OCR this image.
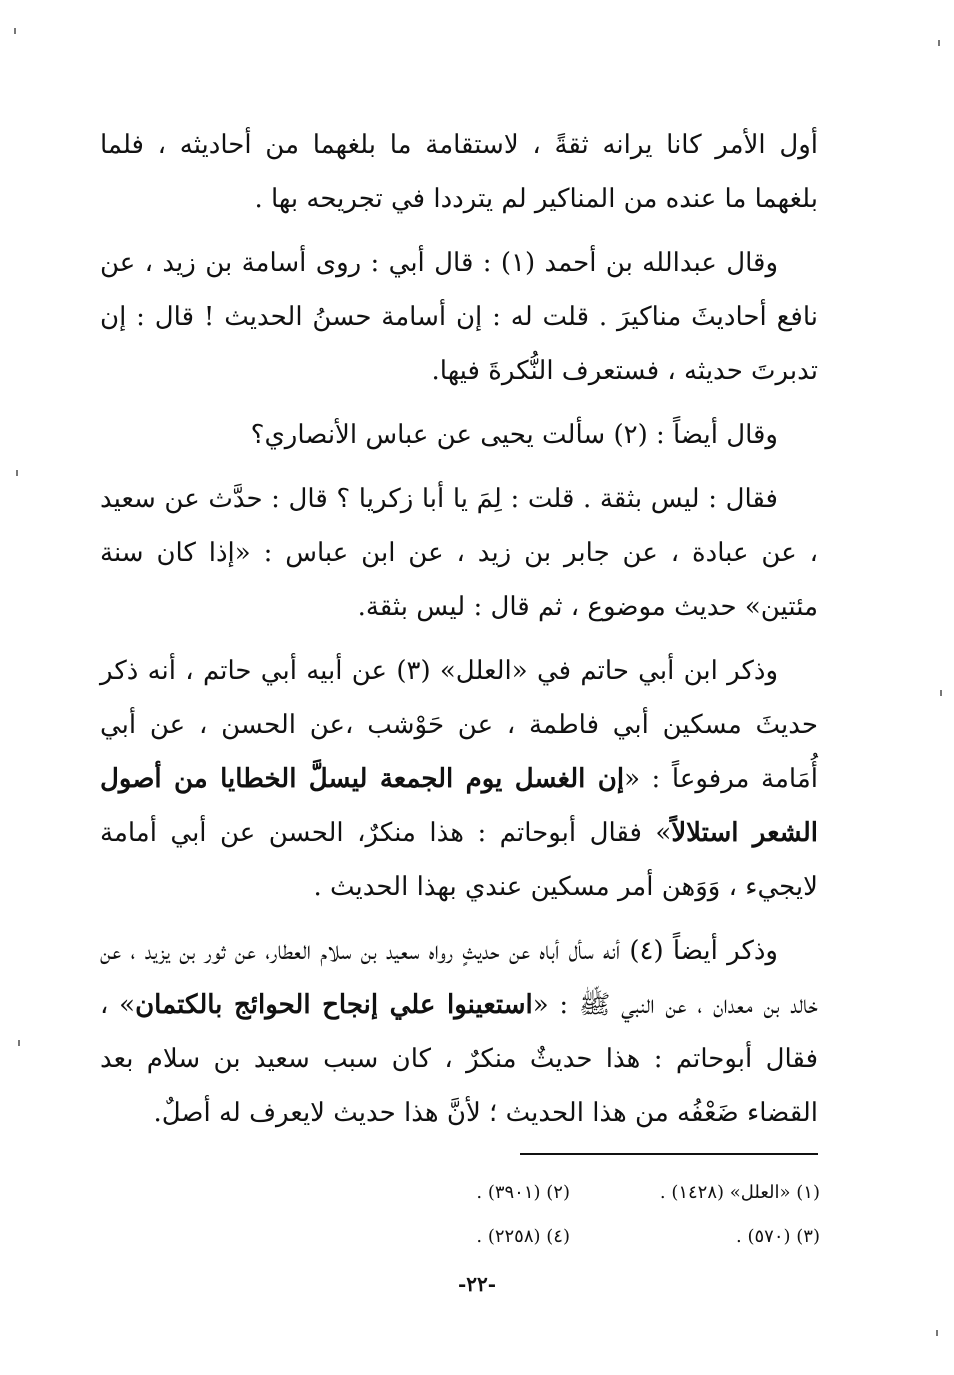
أول الأمر كانا يرانه ثقةً ، لاستقامة ما بلغهما من أحاديثه ، فلما بلغهما ما عنده من المناكير لم يترددا في تجريحه بها .

وقال عبدالله بن أحمد (١) : قال أبي : روى أسامة بن زيد ، عن نافع أحاديثَ مناكيرَ . قلت له : إن أسامة حسنُ الحديث ! قال : إن تدبرتَ حديثه ، فستعرف النُّكرةَ فيها.

وقال أيضاً : (٢) سألت يحيى عن عباس الأنصاري؟

فقال : ليس بثقة . قلت : لِمَ يا أبا زكريا ؟ قال : حدَّث عن سعيد ، عن عبادة ، عن جابر بن زيد ، عن ابن عباس : «إذا كان سنة مئتين» حديث موضوع ، ثم قال : ليس بثقة.

وذكر ابن أبي حاتم في «العلل» (٣) عن أبيه أبي حاتم ، أنه ذكر حديثَ مسكين أبي فاطمة ، عن حَوْشب ،عن الحسن ، عن أبي أُمَامة مرفوعاً : «إن الغسل يوم الجمعة ليسلَّ الخطايا من أصول الشعر استلالاً» فقال أبوحاتم : هذا منكرٌ، الحسن عن أبي أمامة لايجيء ، وَوَهن أمر مسكين عندي بهذا الحديث .

وذكر أيضاً (٤) أنه سأل أباه عن حديثٍ رواه سعيد بن سلام العطار، عن ثور بن يزيد ، عن خالد بن معدان ، عن النبي ﷺ : «استعينوا علي إنجاح الحوائج بالكتمان» ، فقال أبوحاتم : هذا حديثٌ منكرٌ ، كان سبب سعيد بن سلام بعد القضاء ضَعْفُه من هذا الحديث ؛ لأنَّ هذا حديث لايعرف له أصلٌ.

(١) «العلل» (١٤٢٨) .
(٢) (٣٩٠١) .
(٣) (٥٧٠) .
(٤) (٢٢٥٨) .
-٢٢-
